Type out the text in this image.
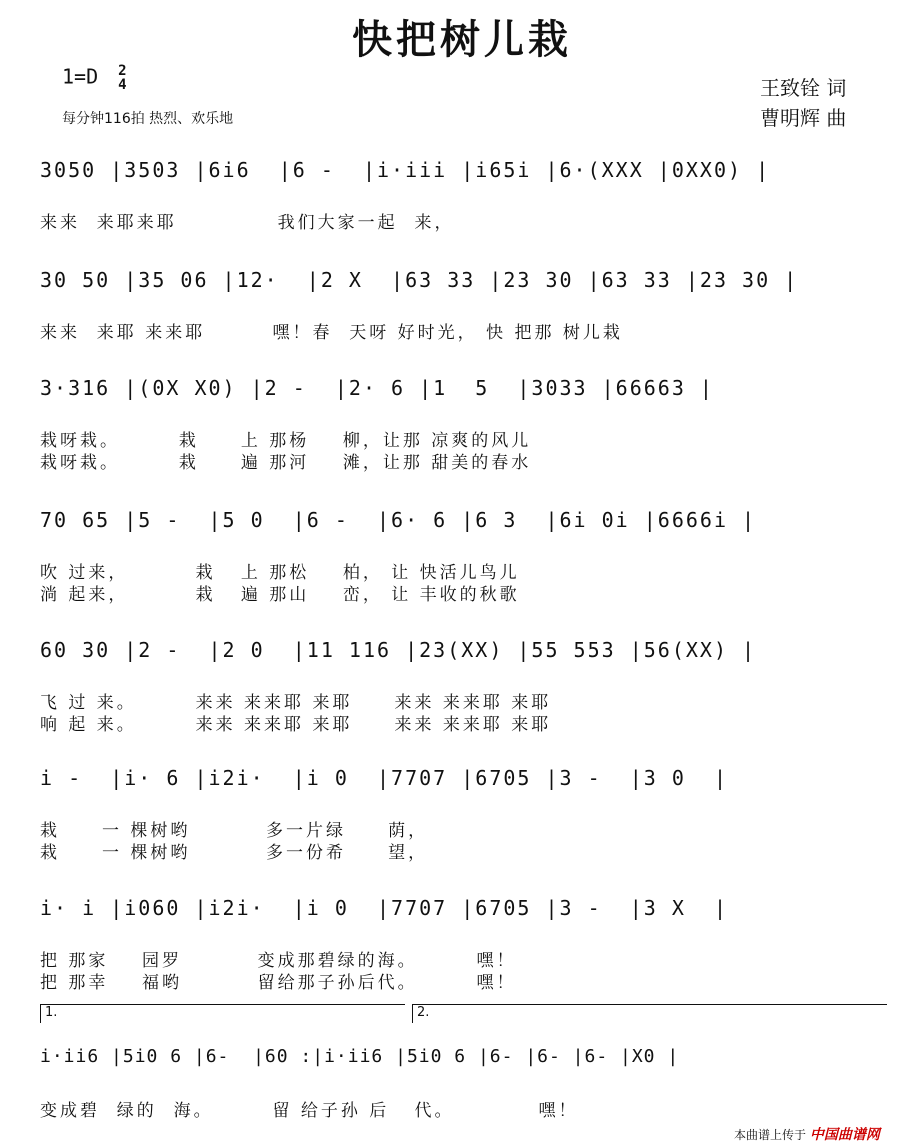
快把树儿栽
1=D 2
4
每分钟116拍 热烈、欢乐地
王致铨 词
曹明辉 曲
3050 |3503 |6i6  |6 -  |i·iii |i65i |6·(XXX |0XX0) |
来来  来耶来耶            我们大家一起  来，
30 50 |35 06 |12·  |2 X  |63 33 |23 30 |63 33 |23 30 |
来来  来耶 来来耶        嘿！春  天呀 好时光， 快 把那 树儿栽
3·316 |(0X X0) |2 -  |2· 6 |1  5  |3033 |66663 |
栽呀栽。       栽     上 那杨    柳，让那 凉爽的风儿
栽呀栽。       栽     遍 那河    滩，让那 甜美的春水
70 65 |5 -  |5 0  |6 -  |6· 6 |6 3  |6i 0i |6666i |
吹 过来，        栽   上 那松    柏， 让 快活儿鸟儿
淌 起来，        栽   遍 那山    峦， 让 丰收的秋歌
60 30 |2 -  |2 0  |11 116 |23(XX) |55 553 |56(XX) |
飞 过 来。       来来 来来耶 来耶     来来 来来耶 来耶
响 起 来。       来来 来来耶 来耶     来来 来来耶 来耶
i -  |i· 6 |i2i·  |i 0  |7707 |6705 |3 -  |3 0  |
栽     一 棵树哟         多一片绿     荫，
栽     一 棵树哟         多一份希     望，
i· i |i060 |i2i·  |i 0  |7707 |6705 |3 -  |3 X  |
把 那家    园罗         变成那碧绿的海。       嘿！
把 那幸    福哟         留给那子孙后代。       嘿！
1.	2.
i·ii6 |5i0 6 |6-  |60 :|i·ii6 |5i0 6 |6- |6- |6- |X0 |
变成碧  绿的  海。       留 给子孙 后   代。          嘿！
本曲谱上传于 中国曲谱网
